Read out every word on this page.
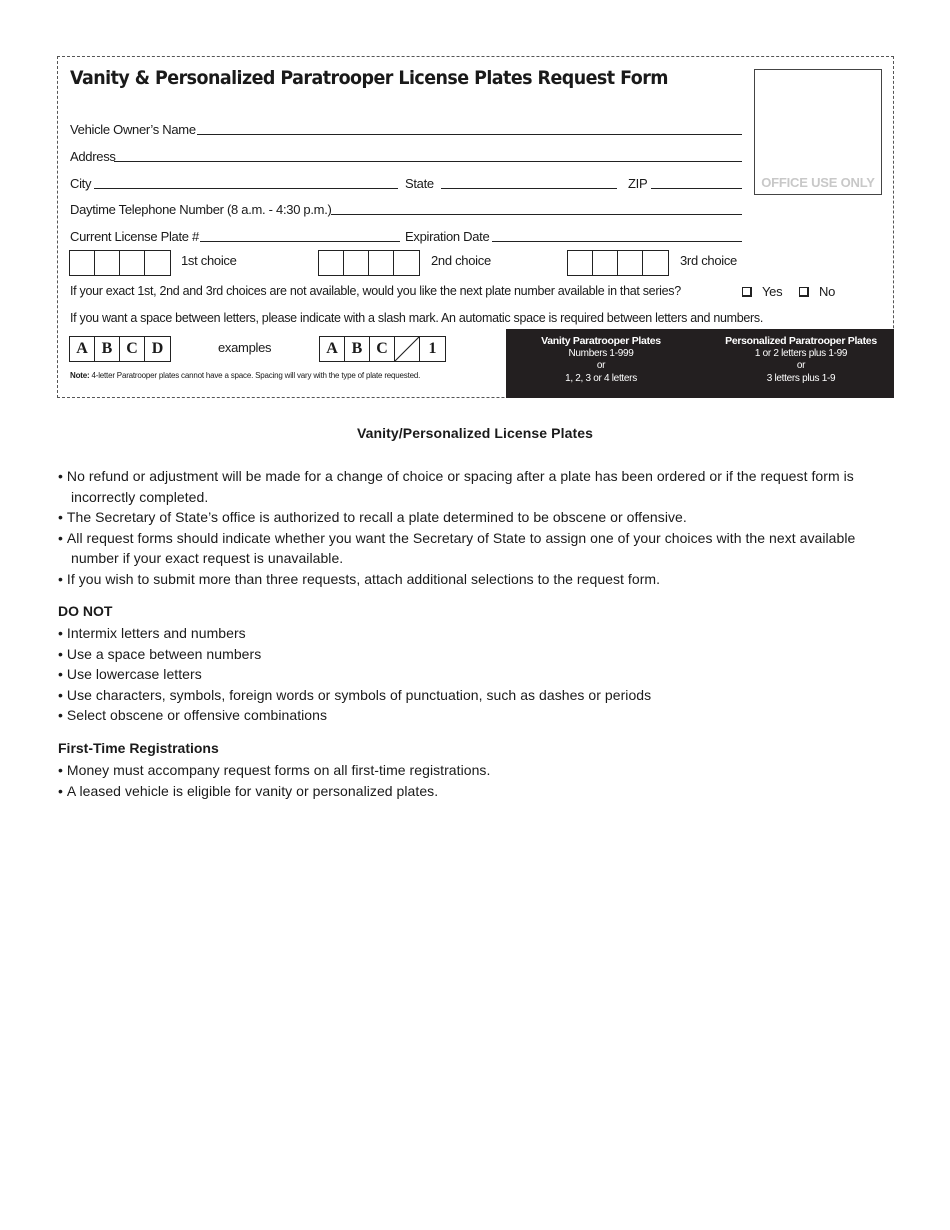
Vanity & Personalized Paratrooper License Plates Request Form
OFFICE USE ONLY
Vehicle Owner’s Name
Address
City	State	ZIP
Daytime Telephone Number (8 a.m. - 4:30 p.m.)
Current License Plate #	Expiration Date
1st choice	2nd choice	3rd choice
If your exact 1st, 2nd and 3rd choices are not available, would you like the next plate number available in that series?	Yes	No
If you want a space between letters, please indicate with a slash mark. An automatic space is required between letters and numbers.
A B C D	examples	A B C	1
Note: 4-letter Paratrooper plates cannot have a space. Spacing will vary with the type of plate requested.
Vanity Paratrooper Plates
Numbers 1-999
or
1, 2, 3 or 4 letters
Personalized Paratrooper Plates
1 or 2 letters plus 1-99
or
3 letters plus 1-9
Vanity/Personalized License Plates
• No refund or adjustment will be made for a change of choice or spacing after a plate has been ordered or if the request form is incorrectly completed.
• The Secretary of State’s office is authorized to recall a plate determined to be obscene or offensive.
• All request forms should indicate whether you want the Secretary of State to assign one of your choices with the next available number if your exact request is unavailable.
• If you wish to submit more than three requests, attach additional selections to the request form.
DO NOT
• Intermix letters and numbers
• Use a space between numbers
• Use lowercase letters
• Use characters, symbols, foreign words or symbols of punctuation, such as dashes or periods
• Select obscene or offensive combinations
First-Time Registrations
• Money must accompany request forms on all first-time registrations.
• A leased vehicle is eligible for vanity or personalized plates.
